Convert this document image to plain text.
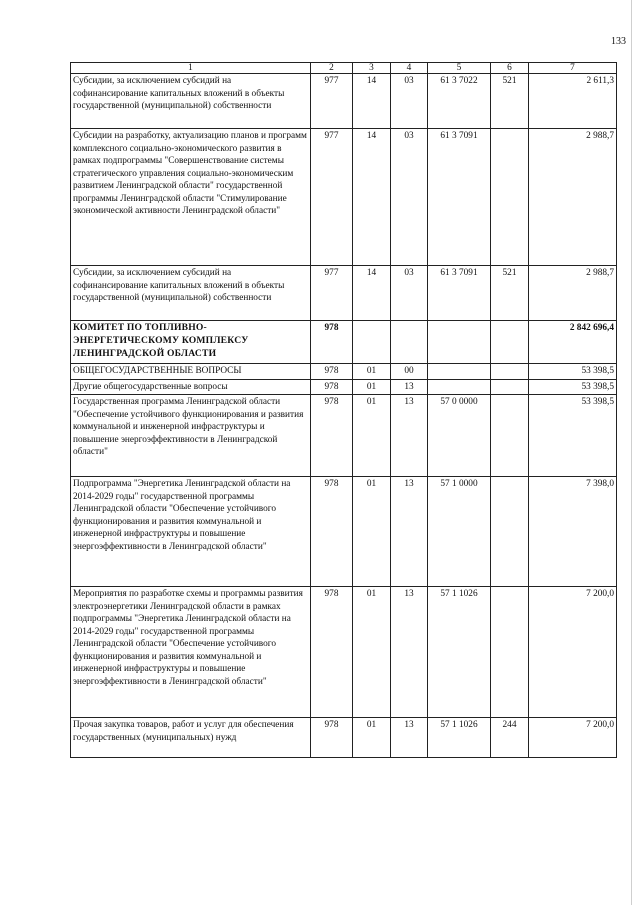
133
1	2	3	4	5	6	7
Субсидии, за исключением субсидий на софинансирование капитальных вложений в объекты государственной (муниципальной) собственности	977	14	03	61 3 7022	521	2 611,3
Субсидии на разработку, актуализацию планов и программ комплексного социально-экономического развития в рамках подпрограммы "Совершенствование системы стратегического управления социально-экономическим развитием Ленинградской области" государственной программы Ленинградской области "Стимулирование экономической активности Ленинградской области"	977	14	03	61 3 7091		2 988,7
Субсидии, за исключением субсидий на софинансирование капитальных вложений в объекты государственной (муниципальной) собственности	977	14	03	61 3 7091	521	2 988,7
КОМИТЕТ ПО ТОПЛИВНО-ЭНЕРГЕТИЧЕСКОМУ КОМПЛЕКСУ ЛЕНИНГРАДСКОЙ ОБЛАСТИ	978					2 842 696,4
ОБЩЕГОСУДАРСТВЕННЫЕ ВОПРОСЫ	978	01	00			53 398,5
Другие общегосударственные вопросы	978	01	13			53 398,5
Государственная программа Ленинградской области "Обеспечение устойчивого функционирования и развития коммунальной и инженерной инфраструктуры и повышение энергоэффективности в Ленинградской области"	978	01	13	57 0 0000		53 398,5
Подпрограмма "Энергетика Ленинградской области на 2014-2029 годы" государственной программы Ленинградской области "Обеспечение устойчивого функционирования и развития коммунальной и инженерной инфраструктуры и повышение энергоэффективности в Ленинградской области"	978	01	13	57 1 0000		7 398,0
Мероприятия по разработке схемы и программы развития электроэнергетики Ленинградской области в рамках подпрограммы "Энергетика Ленинградской области на 2014-2029 годы" государственной программы Ленинградской области "Обеспечение устойчивого функционирования и развития коммунальной и инженерной инфраструктуры и повышение энергоэффективности в Ленинградской области"	978	01	13	57 1 1026		7 200,0
Прочая закупка товаров, работ и услуг для обеспечения государственных (муниципальных) нужд	978	01	13	57 1 1026	244	7 200,0
